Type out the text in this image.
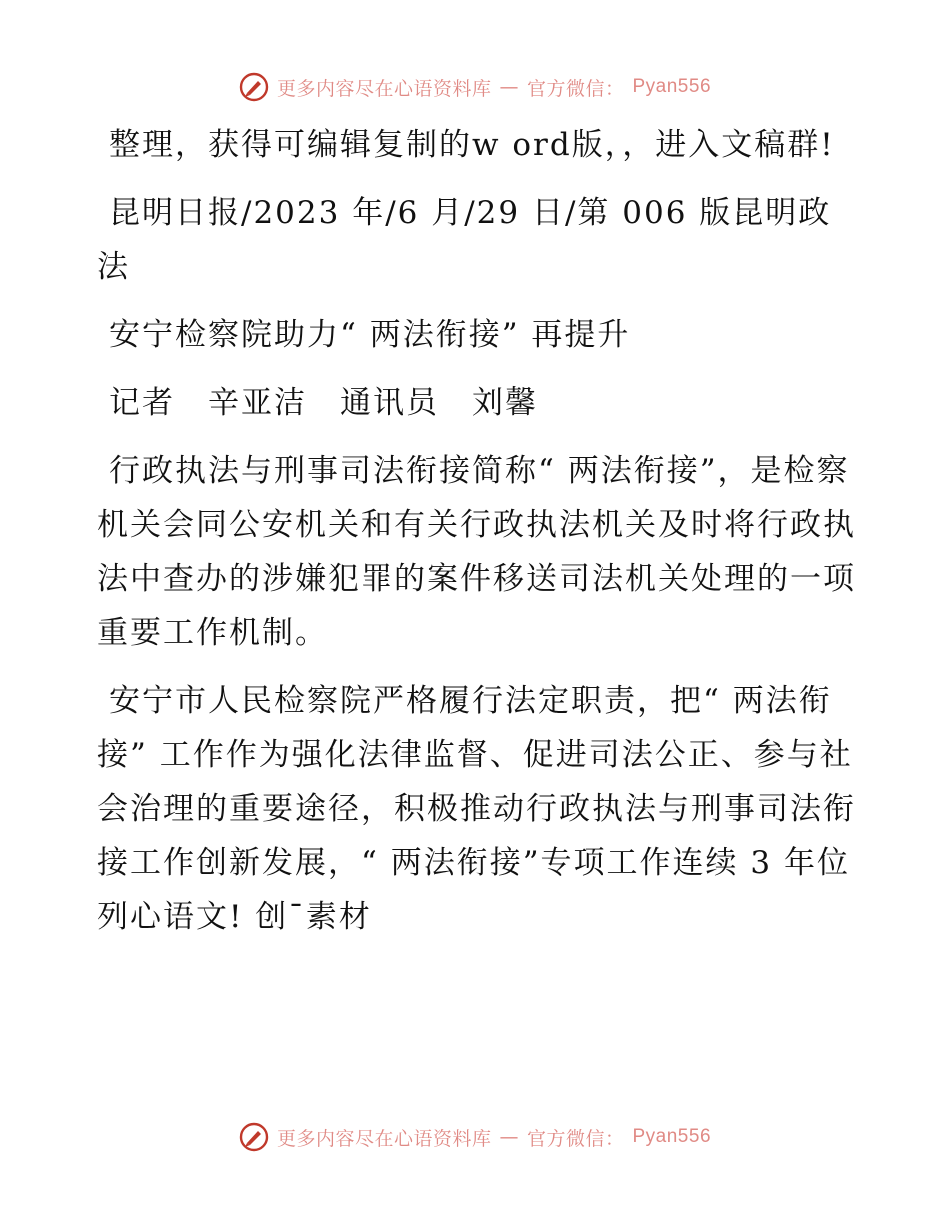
更多内容尽在心语资料库 — 官方微信： Pyan556

整理，获得可编辑复制的w ord版，，进入文稿群!

昆明日报/2023 年/6 月/29 日/第 006 版昆明政法

安宁检察院助力“ 两法衔接” 再提升

记者　辛亚洁　通讯员　刘馨

行政执法与刑事司法衔接简称“ 两法衔接”，是检察机关会同公安机关和有关行政执法机关及时将行政执法中查办的涉嫌犯罪的案件移送司法机关处理的一项重要工作机制。

安宁市人民检察院严格履行法定职责，把“ 两法衔接” 工作作为强化法律监督、促进司法公正、参与社会治理的重要途径，积极推动行政执法与刑事司法衔接工作创新发展，“ 两法衔接”专项工作连续 3 年位列心语文! 创¯素材

更多内容尽在心语资料库 — 官方微信： Pyan556
